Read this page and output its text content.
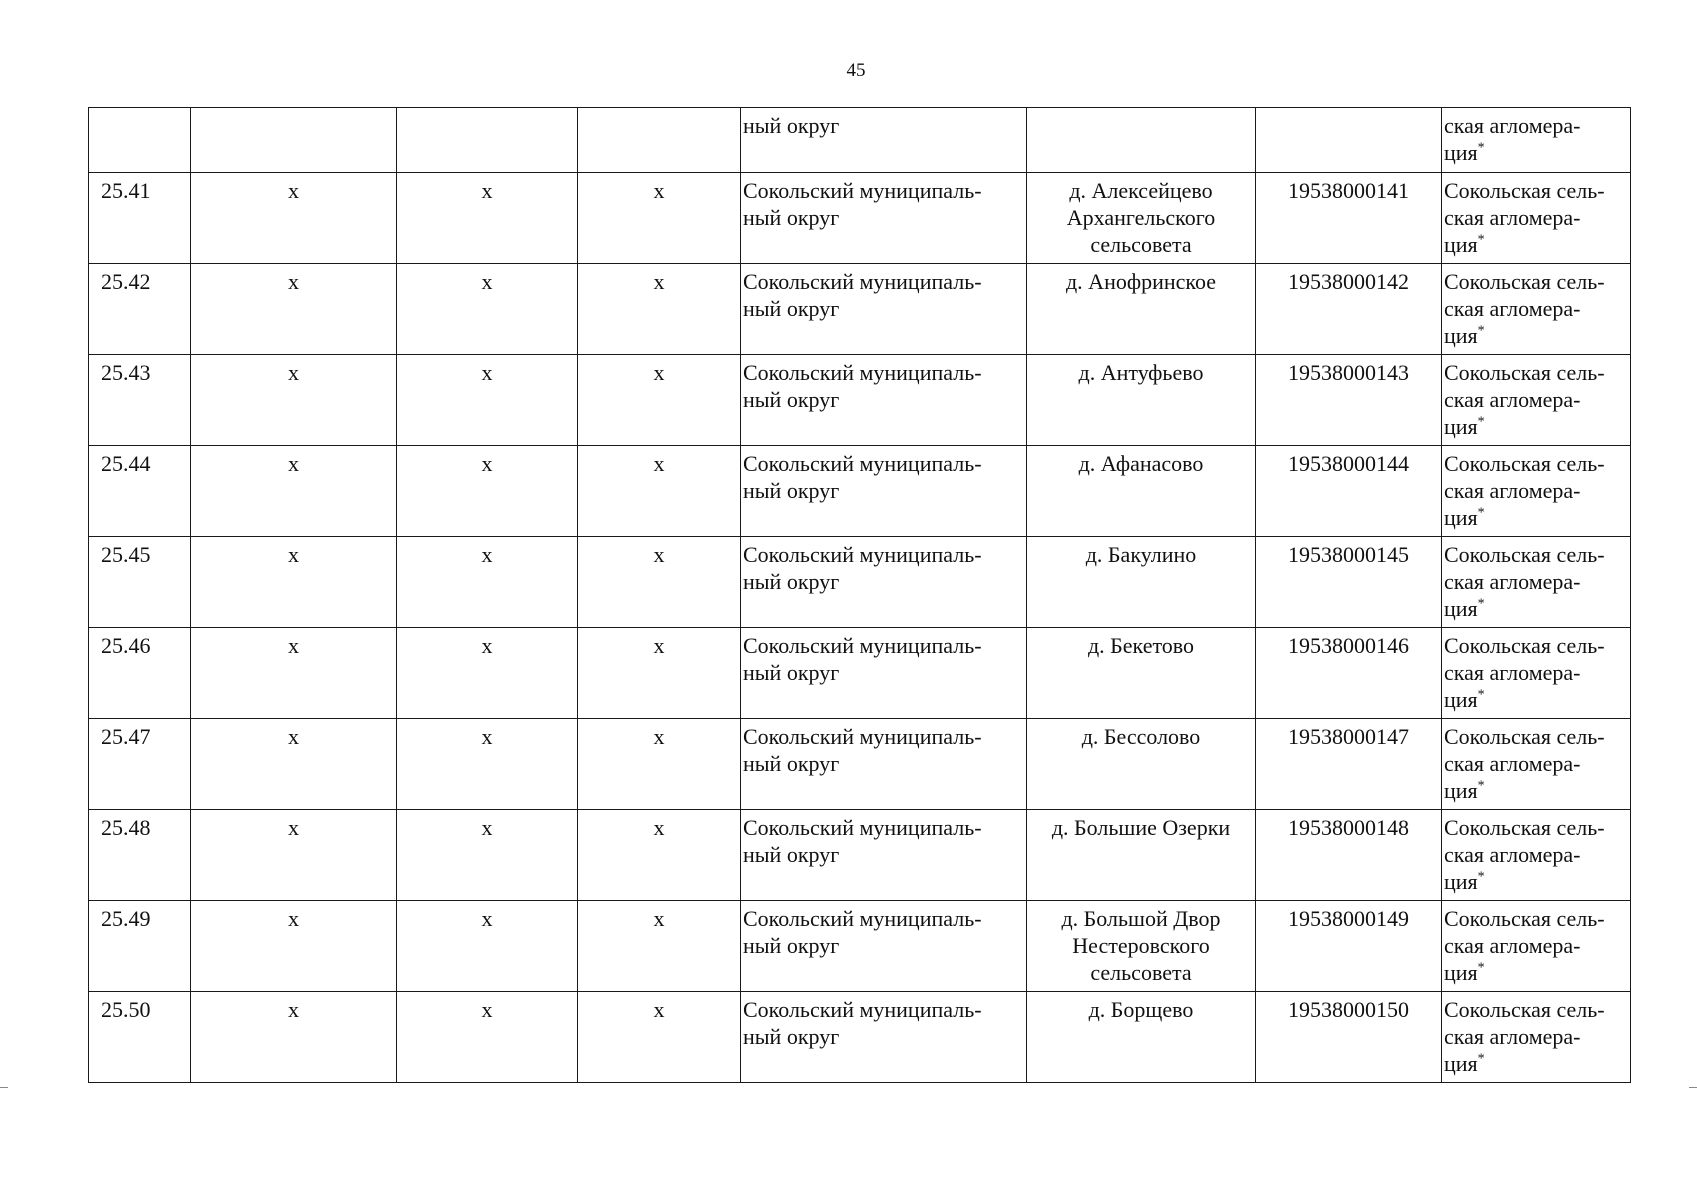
45
				ный округ			ская агломера-
ция*
25.41	х	х	х	Сокольский муниципаль-
ный округ	д. Алексейцево
Архангельского
сельсовета	19538000141	Сокольская сель-
ская агломера-
ция*
25.42	х	х	х	Сокольский муниципаль-
ный округ	д. Анофринское	19538000142	Сокольская сель-
ская агломера-
ция*
25.43	х	х	х	Сокольский муниципаль-
ный округ	д. Антуфьево	19538000143	Сокольская сель-
ская агломера-
ция*
25.44	х	х	х	Сокольский муниципаль-
ный округ	д. Афанасово	19538000144	Сокольская сель-
ская агломера-
ция*
25.45	х	х	х	Сокольский муниципаль-
ный округ	д. Бакулино	19538000145	Сокольская сель-
ская агломера-
ция*
25.46	х	х	х	Сокольский муниципаль-
ный округ	д. Бекетово	19538000146	Сокольская сель-
ская агломера-
ция*
25.47	х	х	х	Сокольский муниципаль-
ный округ	д. Бессолово	19538000147	Сокольская сель-
ская агломера-
ция*
25.48	х	х	х	Сокольский муниципаль-
ный округ	д. Большие Озерки	19538000148	Сокольская сель-
ская агломера-
ция*
25.49	х	х	х	Сокольский муниципаль-
ный округ	д. Большой Двор
Нестеровского
сельсовета	19538000149	Сокольская сель-
ская агломера-
ция*
25.50	х	х	х	Сокольский муниципаль-
ный округ	д. Борщево	19538000150	Сокольская сель-
ская агломера-
ция*
